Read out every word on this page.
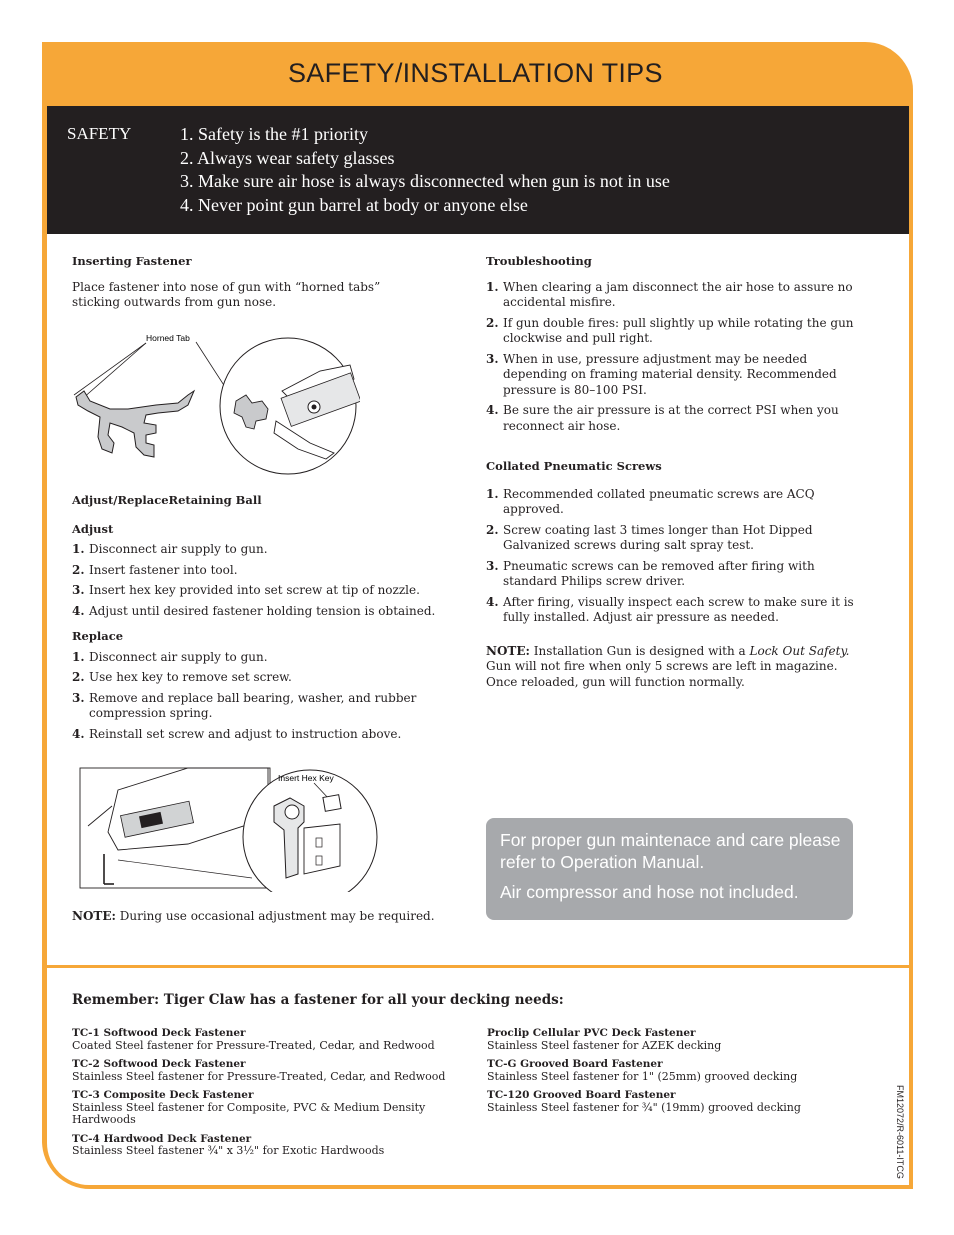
SAFETY/INSTALLATION TIPS
SAFETY	1. Safety is the #1 priority
2. Always wear safety glasses
3. Make sure air hose is always disconnected when gun is not in use
4. Never point gun barrel at body or anyone else

Inserting Fastener

Place fastener into nose of gun with “horned tabs” sticking outwards from gun nose.

Horned Tab

Adjust/ReplaceRetaining Ball

Adjust

1. Disconnect air supply to gun.
2. Insert fastener into tool.
3. Insert hex key provided into set screw at tip of nozzle.
4. Adjust until desired fastener holding tension is obtained.

Replace

1. Disconnect air supply to gun.
2. Use hex key to remove set screw.
3. Remove and replace ball bearing, washer, and rubber compression spring.
4. Reinstall set screw and adjust to instruction above.
Insert Hex Key
NOTE: During use occasional adjustment may be required.

Troubleshooting

1. When clearing a jam disconnect the air hose to assure no accidental misfire.
2. If gun double fires: pull slightly up while rotating the gun clockwise and pull right.
3. When in use, pressure adjustment may be needed depending on framing material density. Recommended pressure is 80–100 PSI.
4. Be sure the air pressure is at the correct PSI when you reconnect air hose.

Collated Pneumatic Screws

1. Recommended collated pneumatic screws are ACQ approved.
2. Screw coating last 3 times longer than Hot Dipped Galvanized screws during salt spray test.
3. Pneumatic screws can be removed after firing with standard Philips screw driver.
4. After firing, visually inspect each screw to make sure it is fully installed. Adjust air pressure as needed.

NOTE: Installation Gun is designed with a Lock Out Safety. Gun will not fire when only 5 screws are left in magazine. Once reloaded, gun will function normally.

For proper gun maintenace and care please refer to Operation Manual.
Air compressor and hose not included.
Remember: Tiger Claw has a fastener for all your decking needs:
TC-1 Softwood Deck Fastener
Coated Steel fastener for Pressure-Treated, Cedar, and Redwood
TC-2 Softwood Deck Fastener
Stainless Steel fastener for Pressure-Treated, Cedar, and Redwood
TC-3 Composite Deck Fastener
Stainless Steel fastener for Composite, PVC & Medium Density Hardwoods
TC-4 Hardwood Deck Fastener
Stainless Steel fastener ¾" x 3½" for Exotic Hardwoods
Proclip Cellular PVC Deck Fastener
Stainless Steel fastener for AZEK decking
TC-G Grooved Board Fastener
Stainless Steel fastener for 1" (25mm) grooved decking
TC-120 Grooved Board Fastener
Stainless Steel fastener for ¾" (19mm) grooved decking	FM12072/R-6011-ITCG
